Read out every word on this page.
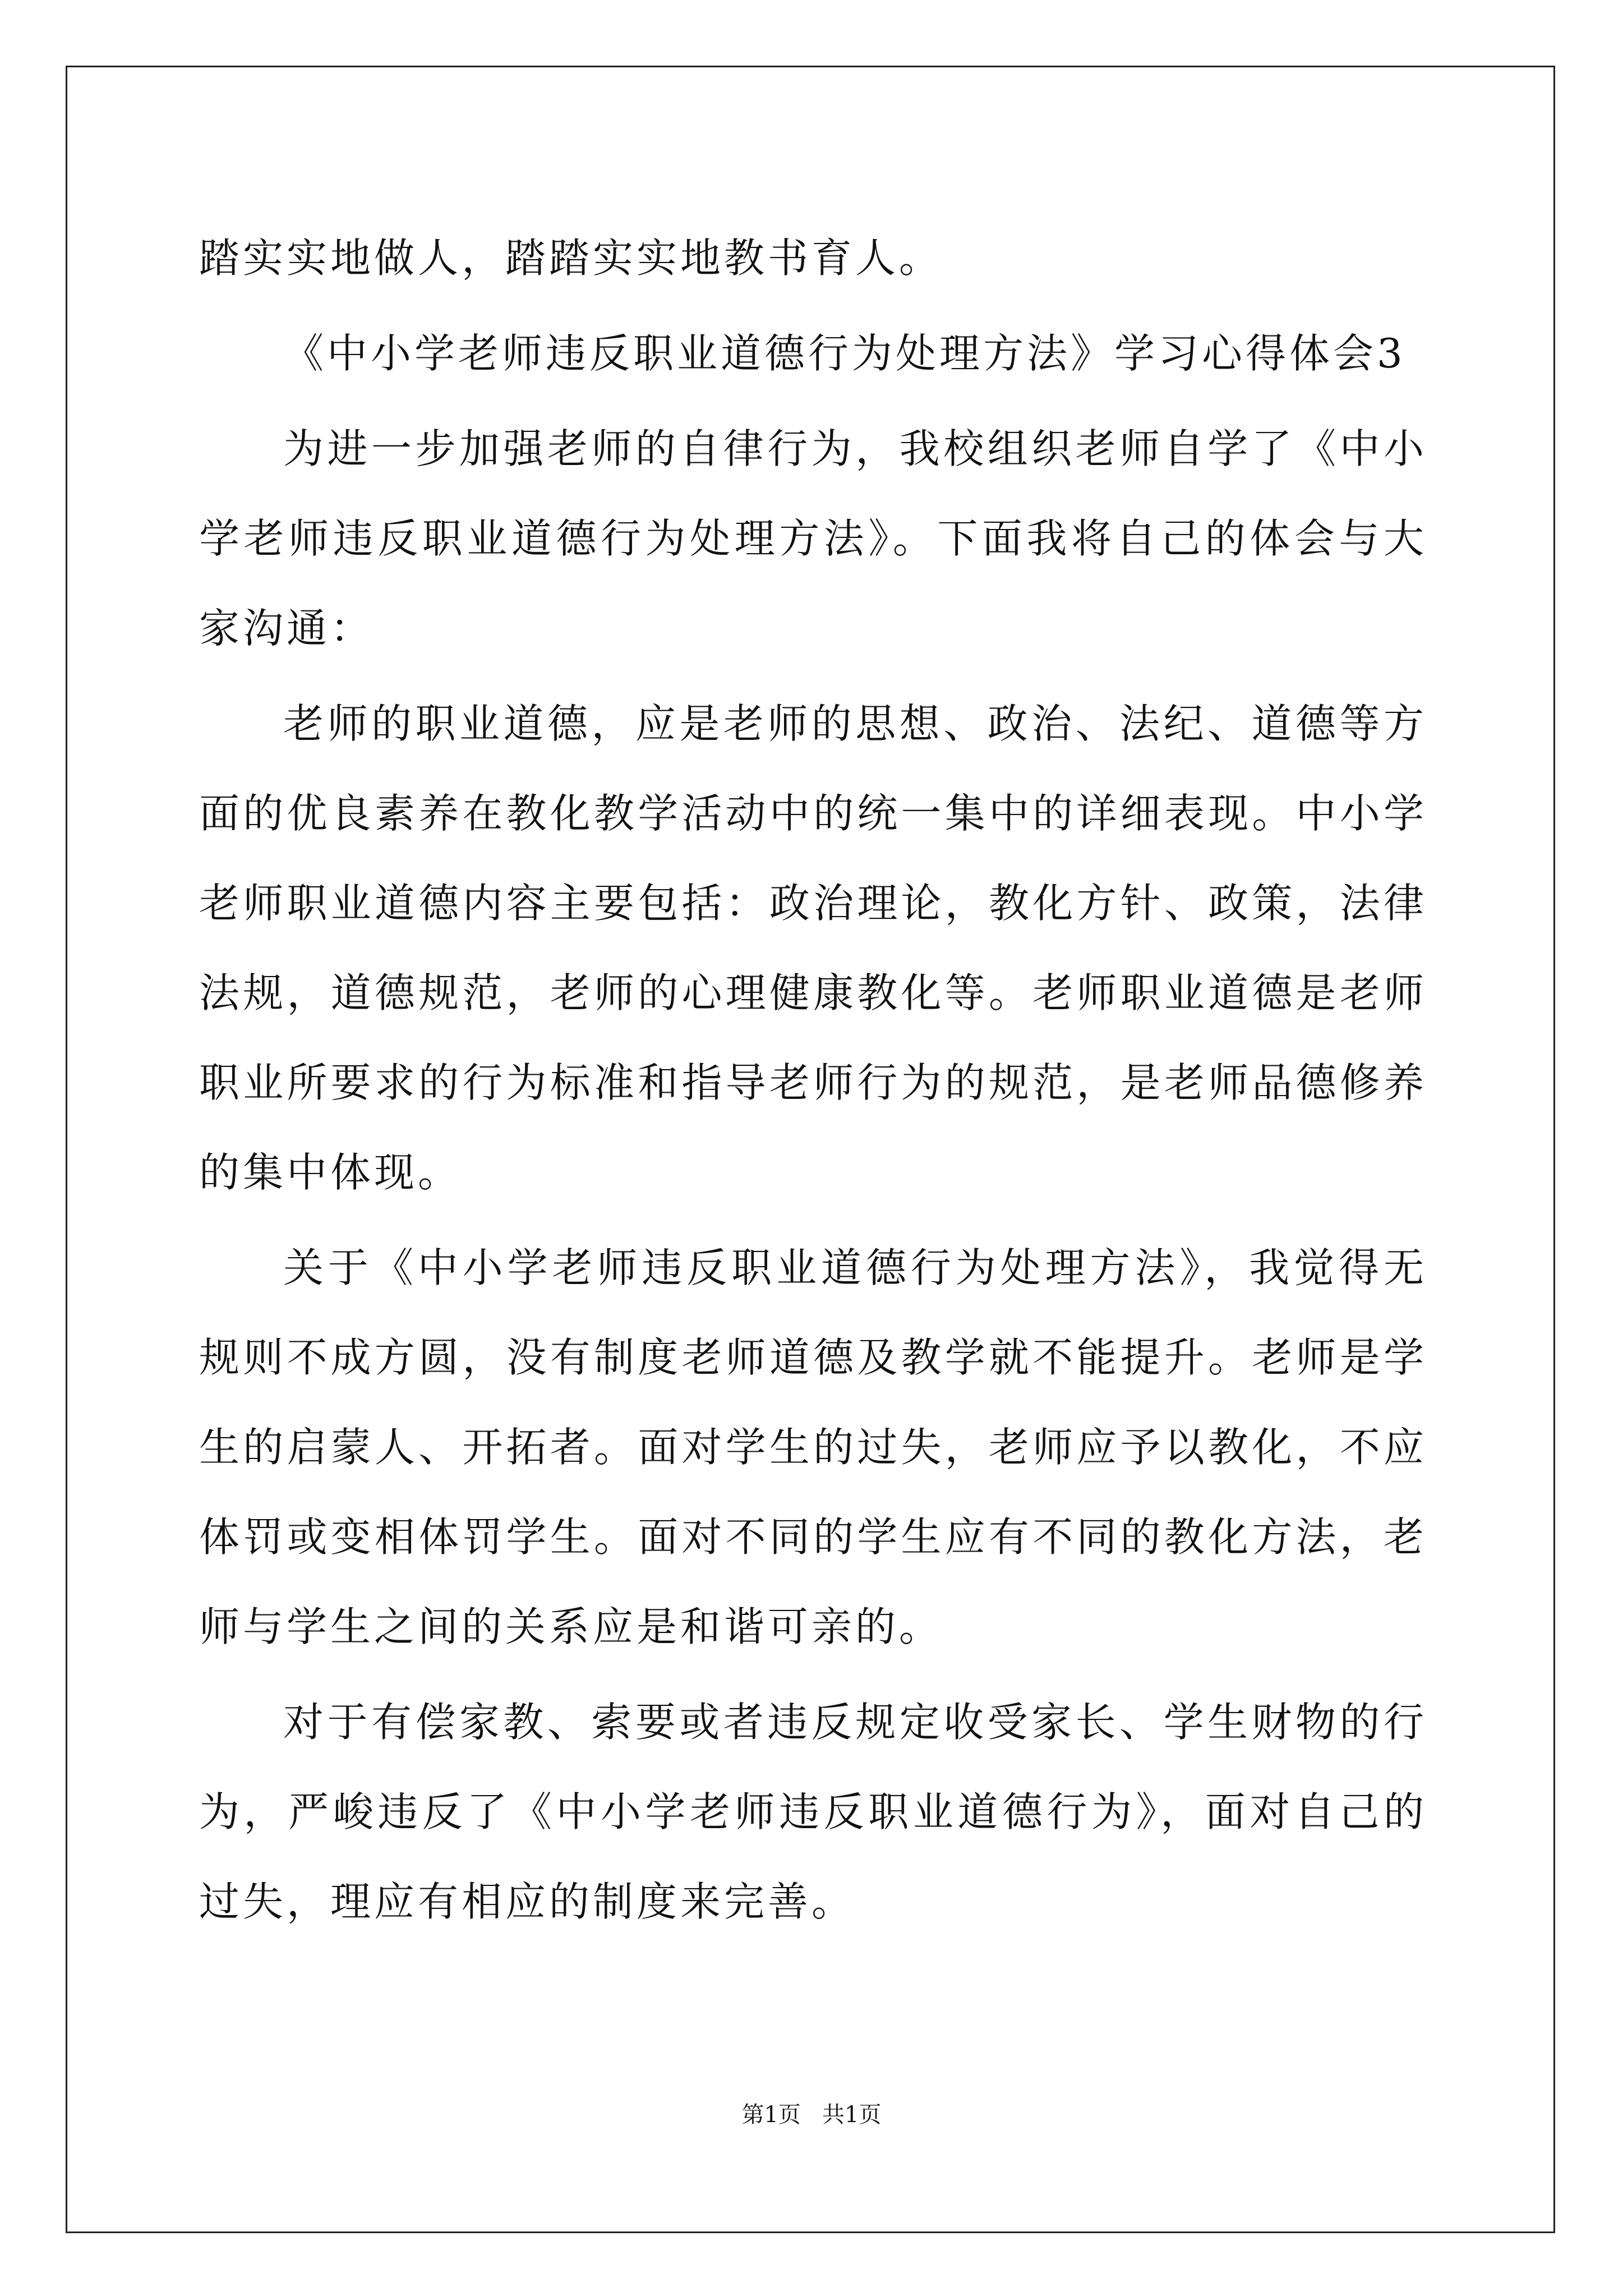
踏实实地做人，踏踏实实地教书育人。

《中小学老师违反职业道德行为处理方法》学习心得体会3

为进一步加强老师的自律行为，我校组织老师自学了《中小学老师违反职业道德行为处理方法》。下面我将自己的体会与大家沟通：

老师的职业道德，应是老师的思想、政治、法纪、道德等方面的优良素养在教化教学活动中的统一集中的详细表现。中小学老师职业道德内容主要包括：政治理论，教化方针、政策，法律法规，道德规范，老师的心理健康教化等。老师职业道德是老师职业所要求的行为标准和指导老师行为的规范，是老师品德修养的集中体现。

关于《中小学老师违反职业道德行为处理方法》，我觉得无规则不成方圆，没有制度老师道德及教学就不能提升。老师是学生的启蒙人、开拓者。面对学生的过失，老师应予以教化，不应体罚或变相体罚学生。面对不同的学生应有不同的教化方法，老师与学生之间的关系应是和谐可亲的。

对于有偿家教、索要或者违反规定收受家长、学生财物的行为，严峻违反了《中小学老师违反职业道德行为》，面对自己的过失，理应有相应的制度来完善。

第1页   共1页
